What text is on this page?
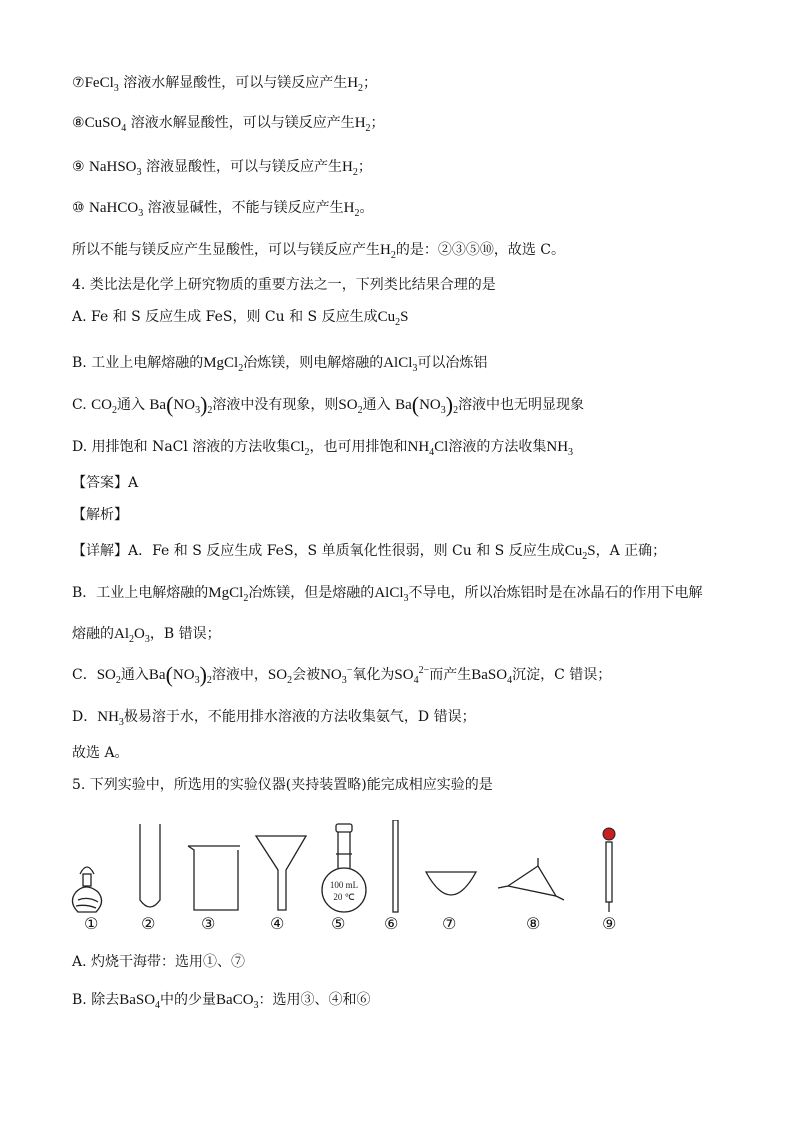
⑦FeCl$_3$ 溶液水解显酸性，可以与镁反应产生$H_2$；
⑧CuSO$_4$ 溶液水解显酸性，可以与镁反应产生$H_2$；
⑨ NaHSO$_3$ 溶液显酸性，可以与镁反应产生$H_2$；
⑩ NaHCO$_3$ 溶液显碱性，不能与镁反应产生$H_2$。
所以不能与镁反应产生显酸性，可以与镁反应产生$H_2$的是：②③⑤⑩，故选 C。
4. 类比法是化学上研究物质的重要方法之一，下列类比结果合理的是
A. Fe 和 S 反应生成 FeS，则 Cu 和 S 反应生成$Cu_2S$
B. 工业上电解熔融的MgCl$_2$冶炼镁，则电解熔融的AlCl$_3$可以冶炼铝
C. $CO_2$通入 $Ba(NO_3)_2$溶液中没有现象，则$SO_2$通入 $Ba(NO_3)_2$溶液中也无明显现象
D. 用排饱和 NaCl 溶液的方法收集$Cl_2$，也可用排饱和$NH_4Cl$溶液的方法收集$NH_3$
【答案】A
【解析】
【详解】A．Fe 和 S 反应生成 FeS，S 单质氧化性很弱，则 Cu 和 S 反应生成$Cu_2S$，A 正确；
B．工业上电解熔融的MgCl$_2$冶炼镁，但是熔融的AlCl$_3$不导电，所以冶炼铝时是在冰晶石的作用下电解
熔融的$Al_2O_3$，B 错误；
C．$SO_2$通入$Ba(NO_3)_2$溶液中，$SO_2$会被$NO_3^-$氧化为$SO_4^{2-}$而产生BaSO$_4$沉淀，C 错误；
D．$NH_3$极易溶于水，不能用排水溶液的方法收集氨气，D 错误；
故选 A。
5. 下列实验中，所选用的实验仪器(夹持装置略)能完成相应实验的是
100 mL
20 ℃
①	②	③	④	⑤ ⑥	⑦	⑧	⑨
A. 灼烧干海带：选用①、⑦
B. 除去BaSO$_4$中的少量BaCO$_3$：选用③、④和⑥
